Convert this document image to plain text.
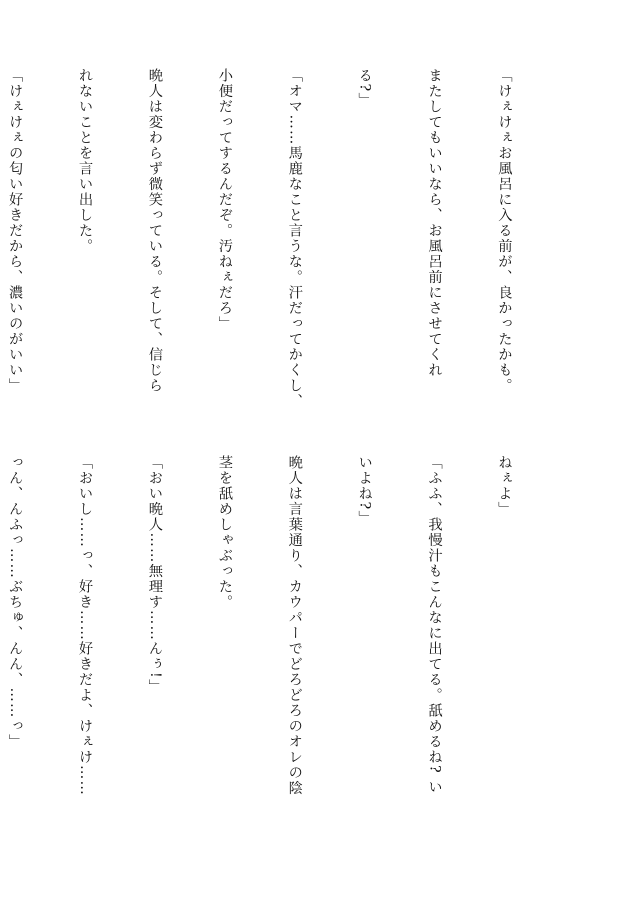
「けぇけぇお風呂に入る前が、良かったかも。

またしてもいいなら、お風呂前にさせてくれ

る?」

「オマ……馬鹿なこと言うな。汗だってかくし、

小便だってするんだぞ。汚ねぇだろ」

晩人は変わらず微笑っている。そして、信じら

れないことを言い出した。

「けぇけぇの匂い好きだから、濃いのがいい」

ねぇよ」

「ふふ、我慢汁もこんなに出てる。舐めるね? い

いよね?」

晩人は言葉通り、カウパーでどろどろのオレの陰

茎を舐めしゃぶった。

「おい晩人……無理す……んぅ!」

「おいし……っ、好き……好きだよ、けぇけ……

っん、んふっ……ぶちゅ、んん、……っ」
